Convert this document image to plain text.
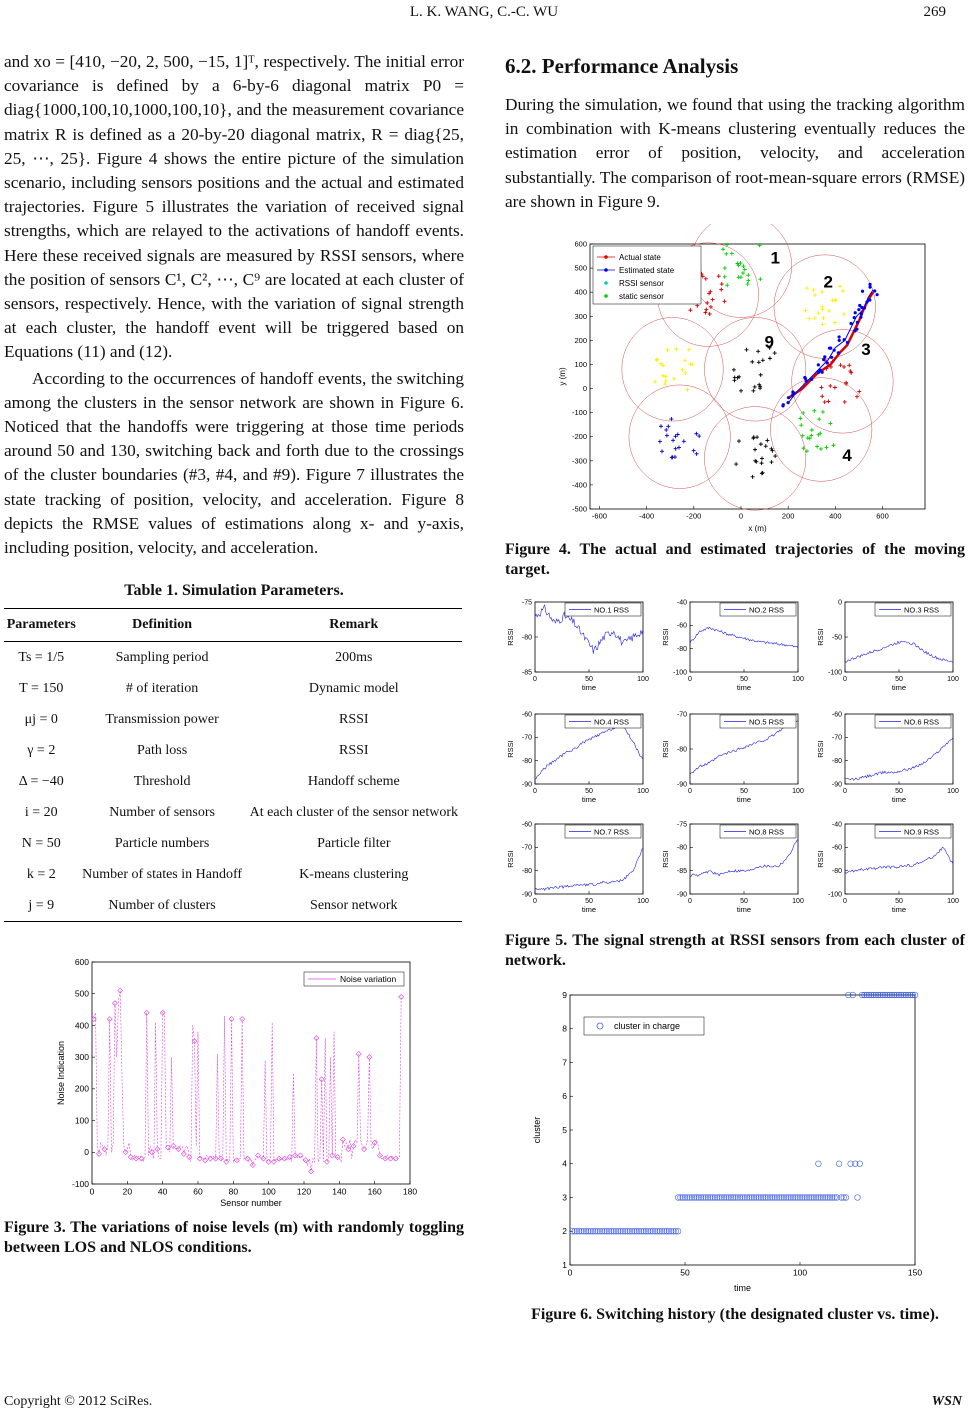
L. K. WANG, C.-C. WU	269

and xo = [410, −20, 2, 500, −15, 1]ᵀ, respectively. The initial error covariance is defined by a 6-by-6 diagonal matrix P0 = diag{1000,100,10,1000,100,10}, and the measurement covariance matrix R is defined as a 20-by-20 diagonal matrix, R = diag{25, 25, ⋯, 25}. Figure 4 shows the entire picture of the simulation scenario, including sensors positions and the actual and estimated trajectories. Figure 5 illustrates the variation of received signal strengths, which are relayed to the activations of handoff events. Here these received signals are measured by RSSI sensors, where the position of sensors C¹, C², ⋯, C⁹ are located at each cluster of sensors, respectively. Hence, with the variation of signal strength at each cluster, the handoff event will be triggered based on Equations (11) and (12).

According to the occurrences of handoff events, the switching among the clusters in the sensor network are shown in Figure 6. Noticed that the handoffs were triggering at those time periods around 50 and 130, switching back and forth due to the crossings of the cluster boundaries (#3, #4, and #9). Figure 7 illustrates the state tracking of position, velocity, and acceleration. Figure 8 depicts the RMSE values of estimations along x- and y-axis, including position, velocity, and acceleration.

Table 1. Simulation Parameters.
Parameters	Definition	Remark
Ts = 1/5	Sampling period	200ms
T = 150	# of iteration	Dynamic model
μj = 0	Transmission power	RSSI
γ = 2	Path loss	RSSI
Δ = −40	Threshold	Handoff scheme
i = 20	Number of sensors	At each cluster of the sensor network
N = 50	Particle numbers	Particle filter
k = 2	Number of states in Handoff	K-means clustering
j = 9	Number of clusters	Sensor network
0	20	40	60	80	100 120 140 160 180
-100
0
100
200
300
400
500
600
Sensor number
Noise Indication
Noise variation
Figure 3. The variations of noise levels (m) with randomly toggling between LOS and NLOS conditions.
6.2. Performance Analysis

During the simulation, we found that using the tracking algorithm in combination with K-means clustering eventually reduces the estimation error of position, velocity, and acceleration substantially. The comparison of root-mean-square errors (RMSE) are shown in Figure 9.

-600	-400	-200	0	200	400	600
-500
-400
-300
-200
-100
0
100
200
300
400
500
600
x (m)
y (m)
1
2
3
4
9
Actual state
Estimated state
RSSI sensor
static sensor
Figure 4. The actual and estimated trajectories of the moving target.
0	50	100
-85
-80
-75
time
RSSI
NO.1 RSS
0	50	100
-100
-80
-60
-40
time
RSSI
NO.2 RSS
0	50	100
-100
-50
0
time
RSSI
NO.3 RSS
0	50	100
-90
-80
-70
-60
time
RSSI
NO.4 RSS
0	50	100
-90
-80
-70
time
RSSI
NO.5 RSS
0	50	100
-90
-80
-70
-60
time
RSSI
NO.6 RSS
0	50	100
-90
-80
-70
-60
time
RSSI
NO.7 RSS
0	50	100
-90
-85
-80
-75
time
RSSI
NO.8 RSS
0	50	100
-100
-80
-60
-40
time
RSSI
NO.9 RSS
Figure 5. The signal strength at RSSI sensors from each cluster of network.
0	50	100	150
1
2
3
4
5
6
7
8
9
time
cluster
cluster in charge
Figure 6. Switching history (the designated cluster vs. time).
Copyright © 2012 SciRes.	WSN
